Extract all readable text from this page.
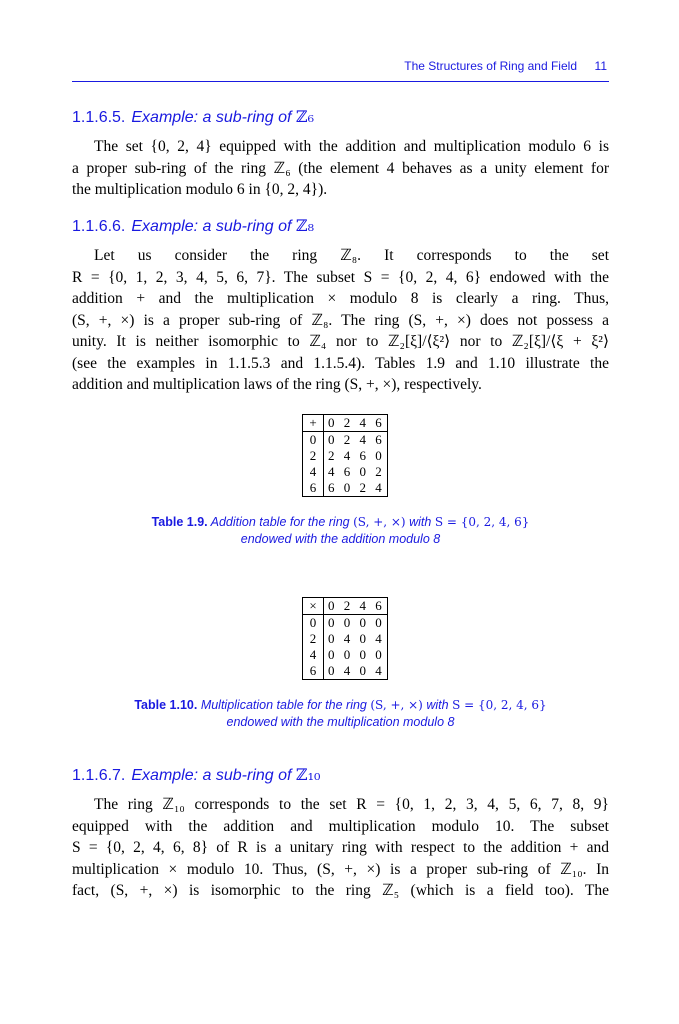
The Structures of Ring and Field 11
1.1.6.5. Example: a sub-ring of ℤ₆
The set {0, 2, 4} equipped with the addition and multiplication modulo 6 is
a proper sub-ring of the ring ℤ₆ (the element 4 behaves as a unity element for
the multiplication modulo 6 in {0, 2, 4}).
1.1.6.6. Example: a sub-ring of ℤ₈
Let us consider the ring ℤ₈. It corresponds to the set
R = {0, 1, 2, 3, 4, 5, 6, 7}. The subset S = {0, 2, 4, 6} endowed with the
addition + and the multiplication × modulo 8 is clearly a ring. Thus,
(S, +, ×) is a proper sub-ring of ℤ₈. The ring (S, +, ×) does not possess a
unity. It is neither isomorphic to ℤ₄ nor to ℤ₂[ξ]/⟨ξ²⟩ nor to ℤ₂[ξ]/⟨ξ + ξ²⟩
(see the examples in 1.1.5.3 and 1.1.5.4). Tables 1.9 and 1.10 illustrate the
addition and multiplication laws of the ring (S, +, ×), respectively.
+	0 2 4 6
0	0 2 4 6
2	2 4 6 0
4	4 6 0 2
6	6 0 2 4
Table 1.9. Addition table for the ring (S, +, ×) with S = {0, 2, 4, 6}
endowed with the addition modulo 8
×	0 2 4 6
0	0 0 0 0
2	0 4 0 4
4	0 0 0 0
6	0 4 0 4
Table 1.10. Multiplication table for the ring (S, +, ×) with S = {0, 2, 4, 6}
endowed with the multiplication modulo 8
1.1.6.7. Example: a sub-ring of ℤ₁₀
The ring ℤ₁₀ corresponds to the set R = {0, 1, 2, 3, 4, 5, 6, 7, 8, 9}
equipped with the addition and multiplication modulo 10. The subset
S = {0, 2, 4, 6, 8} of R is a unitary ring with respect to the addition + and
multiplication × modulo 10. Thus, (S, +, ×) is a proper sub-ring of ℤ₁₀. In
fact, (S, +, ×) is isomorphic to the ring ℤ₅ (which is a field too). The
